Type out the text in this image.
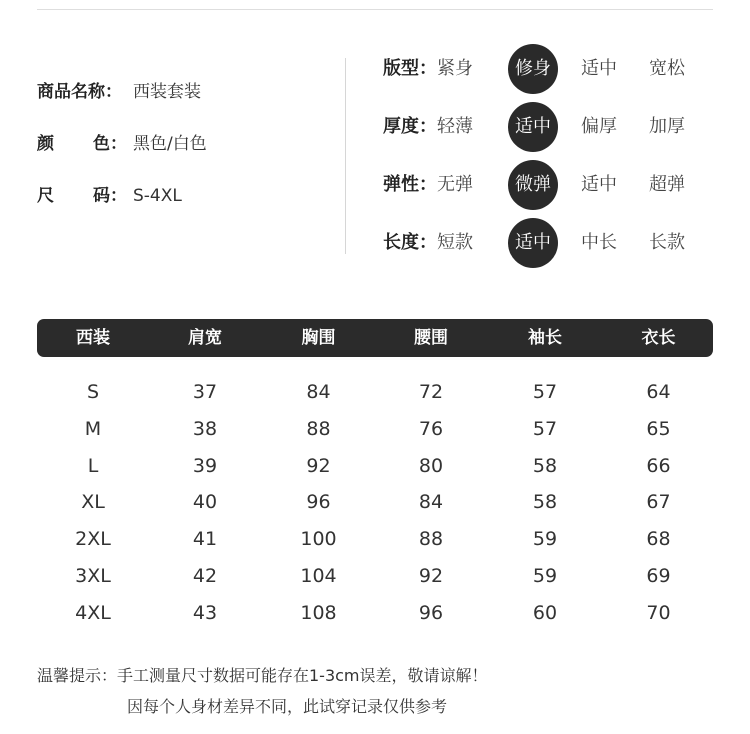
商品名称： 西装套装
颜 色： 黑色/白色
尺 码： S-4XL
版型： 紧身	修身	适中	宽松
厚度： 轻薄	适中	偏厚	加厚
弹性： 无弹	微弹	适中	超弹
长度： 短款	适中	中长	长款
西装	肩宽	胸围	腰围	袖长	衣长
S	37	84	72	57	64
M	38	88	76	57	65
L	39	92	80	58	66
XL	40	96	84	58	67
2XL	41	100	88	59	68
3XL	42	104	92	59	69
4XL	43	108	96	60	70
温馨提示：手工测量尺寸数据可能存在1-3cm误差，敬请谅解！
因每个人身材差异不同，此试穿记录仅供参考
